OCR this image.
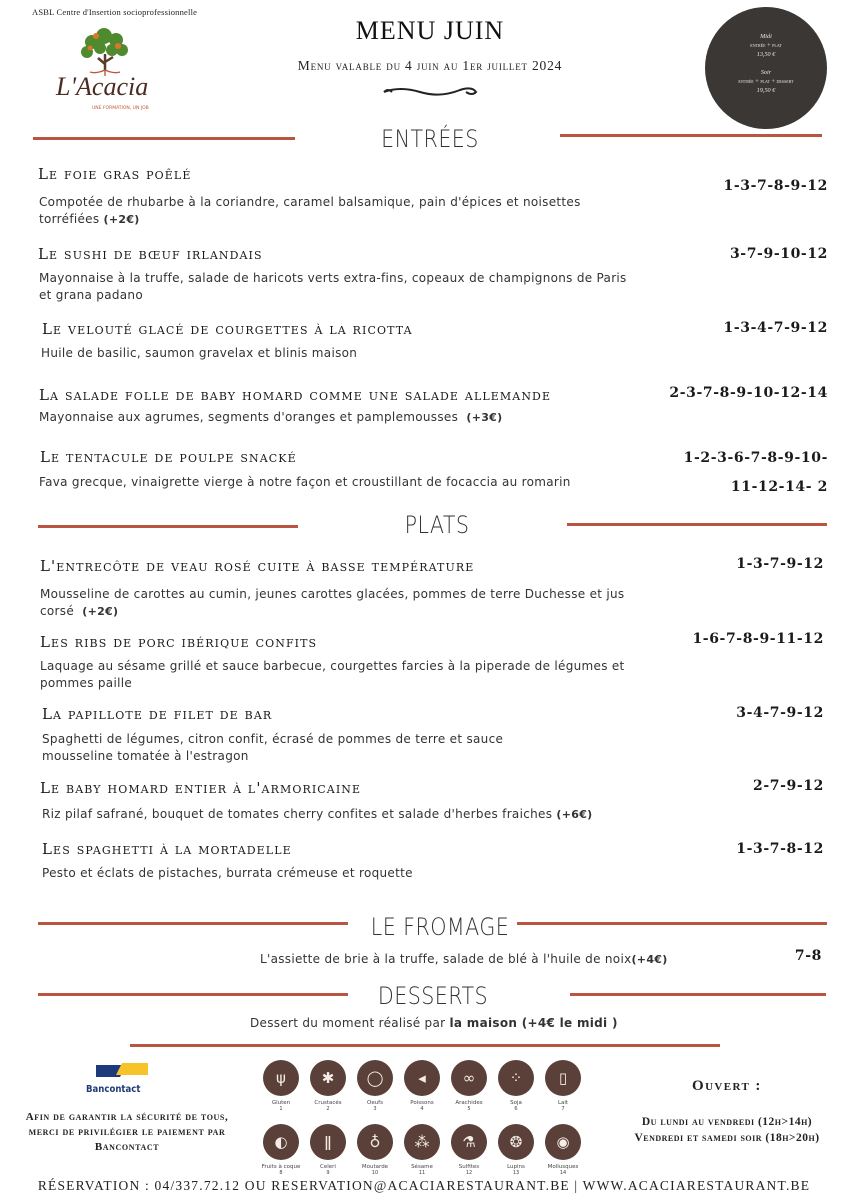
ASBL Centre d'Insertion socioprofessionnelle
L'Acacia
UNE FORMATION, UN JOB
MENU JUIN
Menu valable du 4 juin au 1er juillet 2024
Midi
entrée + plat
13,50 €
Soir
entrée + plat + dessert
19,50 €
ENTRÉES
Le foie gras poêlé
Compotée de rhubarbe à la coriandre, caramel balsamique, pain d'épices et noisettes torréfiées (+2€)
1-3-7-8-9-12
Le sushi de bœuf irlandais
Mayonnaise à la truffe, salade de haricots verts extra-fins, copeaux de champignons de Paris et grana padano
3-7-9-10-12
Le velouté glacé de courgettes à la ricotta
Huile de basilic, saumon gravelax et blinis maison
1-3-4-7-9-12
La salade folle de baby homard comme une salade allemande
Mayonnaise aux agrumes, segments d'oranges et pamplemousses (+3€)
2-3-7-8-9-10-12-14
Le tentacule de poulpe snacké
Fava grecque, vinaigrette vierge à notre façon et croustillant de focaccia au romarin
1-2-3-6-7-8-9-10-
11-12-14- 2
PLATS
L'entrecôte de veau rosé cuite à basse température
Mousseline de carottes au cumin, jeunes carottes glacées, pommes de terre Duchesse et jus corsé (+2€)
1-3-7-9-12
Les ribs de porc ibérique confits
Laquage au sésame grillé et sauce barbecue, courgettes farcies à la piperade de légumes et pommes paille
1-6-7-8-9-11-12
La papillote de filet de bar
Spaghetti de légumes, citron confit, écrasé de pommes de terre et sauce mousseline tomatée à l'estragon
3-4-7-9-12
Le baby homard entier à l'armoricaine
Riz pilaf safrané, bouquet de tomates cherry confites et salade d'herbes fraiches (+6€)
2-7-9-12
Les spaghetti à la mortadelle
Pesto et éclats de pistaches, burrata crémeuse et roquette
1-3-7-8-12
LE FROMAGE
L'assiette de brie à la truffe, salade de blé à l'huile de noix(+4€)	7-8
DESSERTS
Dessert du moment réalisé par la maison (+4€ le midi )
Bancontact
Afin de garantir la sécurité de tous, merci de privilégier le paiement par Bancontact
ψ
Gluten
1
✱
Crustacés
2
◯
Oeufs
3
◂
Poissons
4
∞
Arachides
5
⁘
Soja
6
▯
Lait
7
◐
Fruits à coque
8
ǁ
Celeri
9
♁
Moutarde
10
⁂
Sésame
11
⚗
Sulfites
12
❂
Lupins
13
◉
Mollusques
14
Ouvert :
Du lundi au vendredi (12h>14h)
Vendredi et samedi soir (18h>20h)
RÉSERVATION : 04/337.72.12 OU RESERVATION@ACACIARESTAURANT.BE | WWW.ACACIARESTAURANT.BE
